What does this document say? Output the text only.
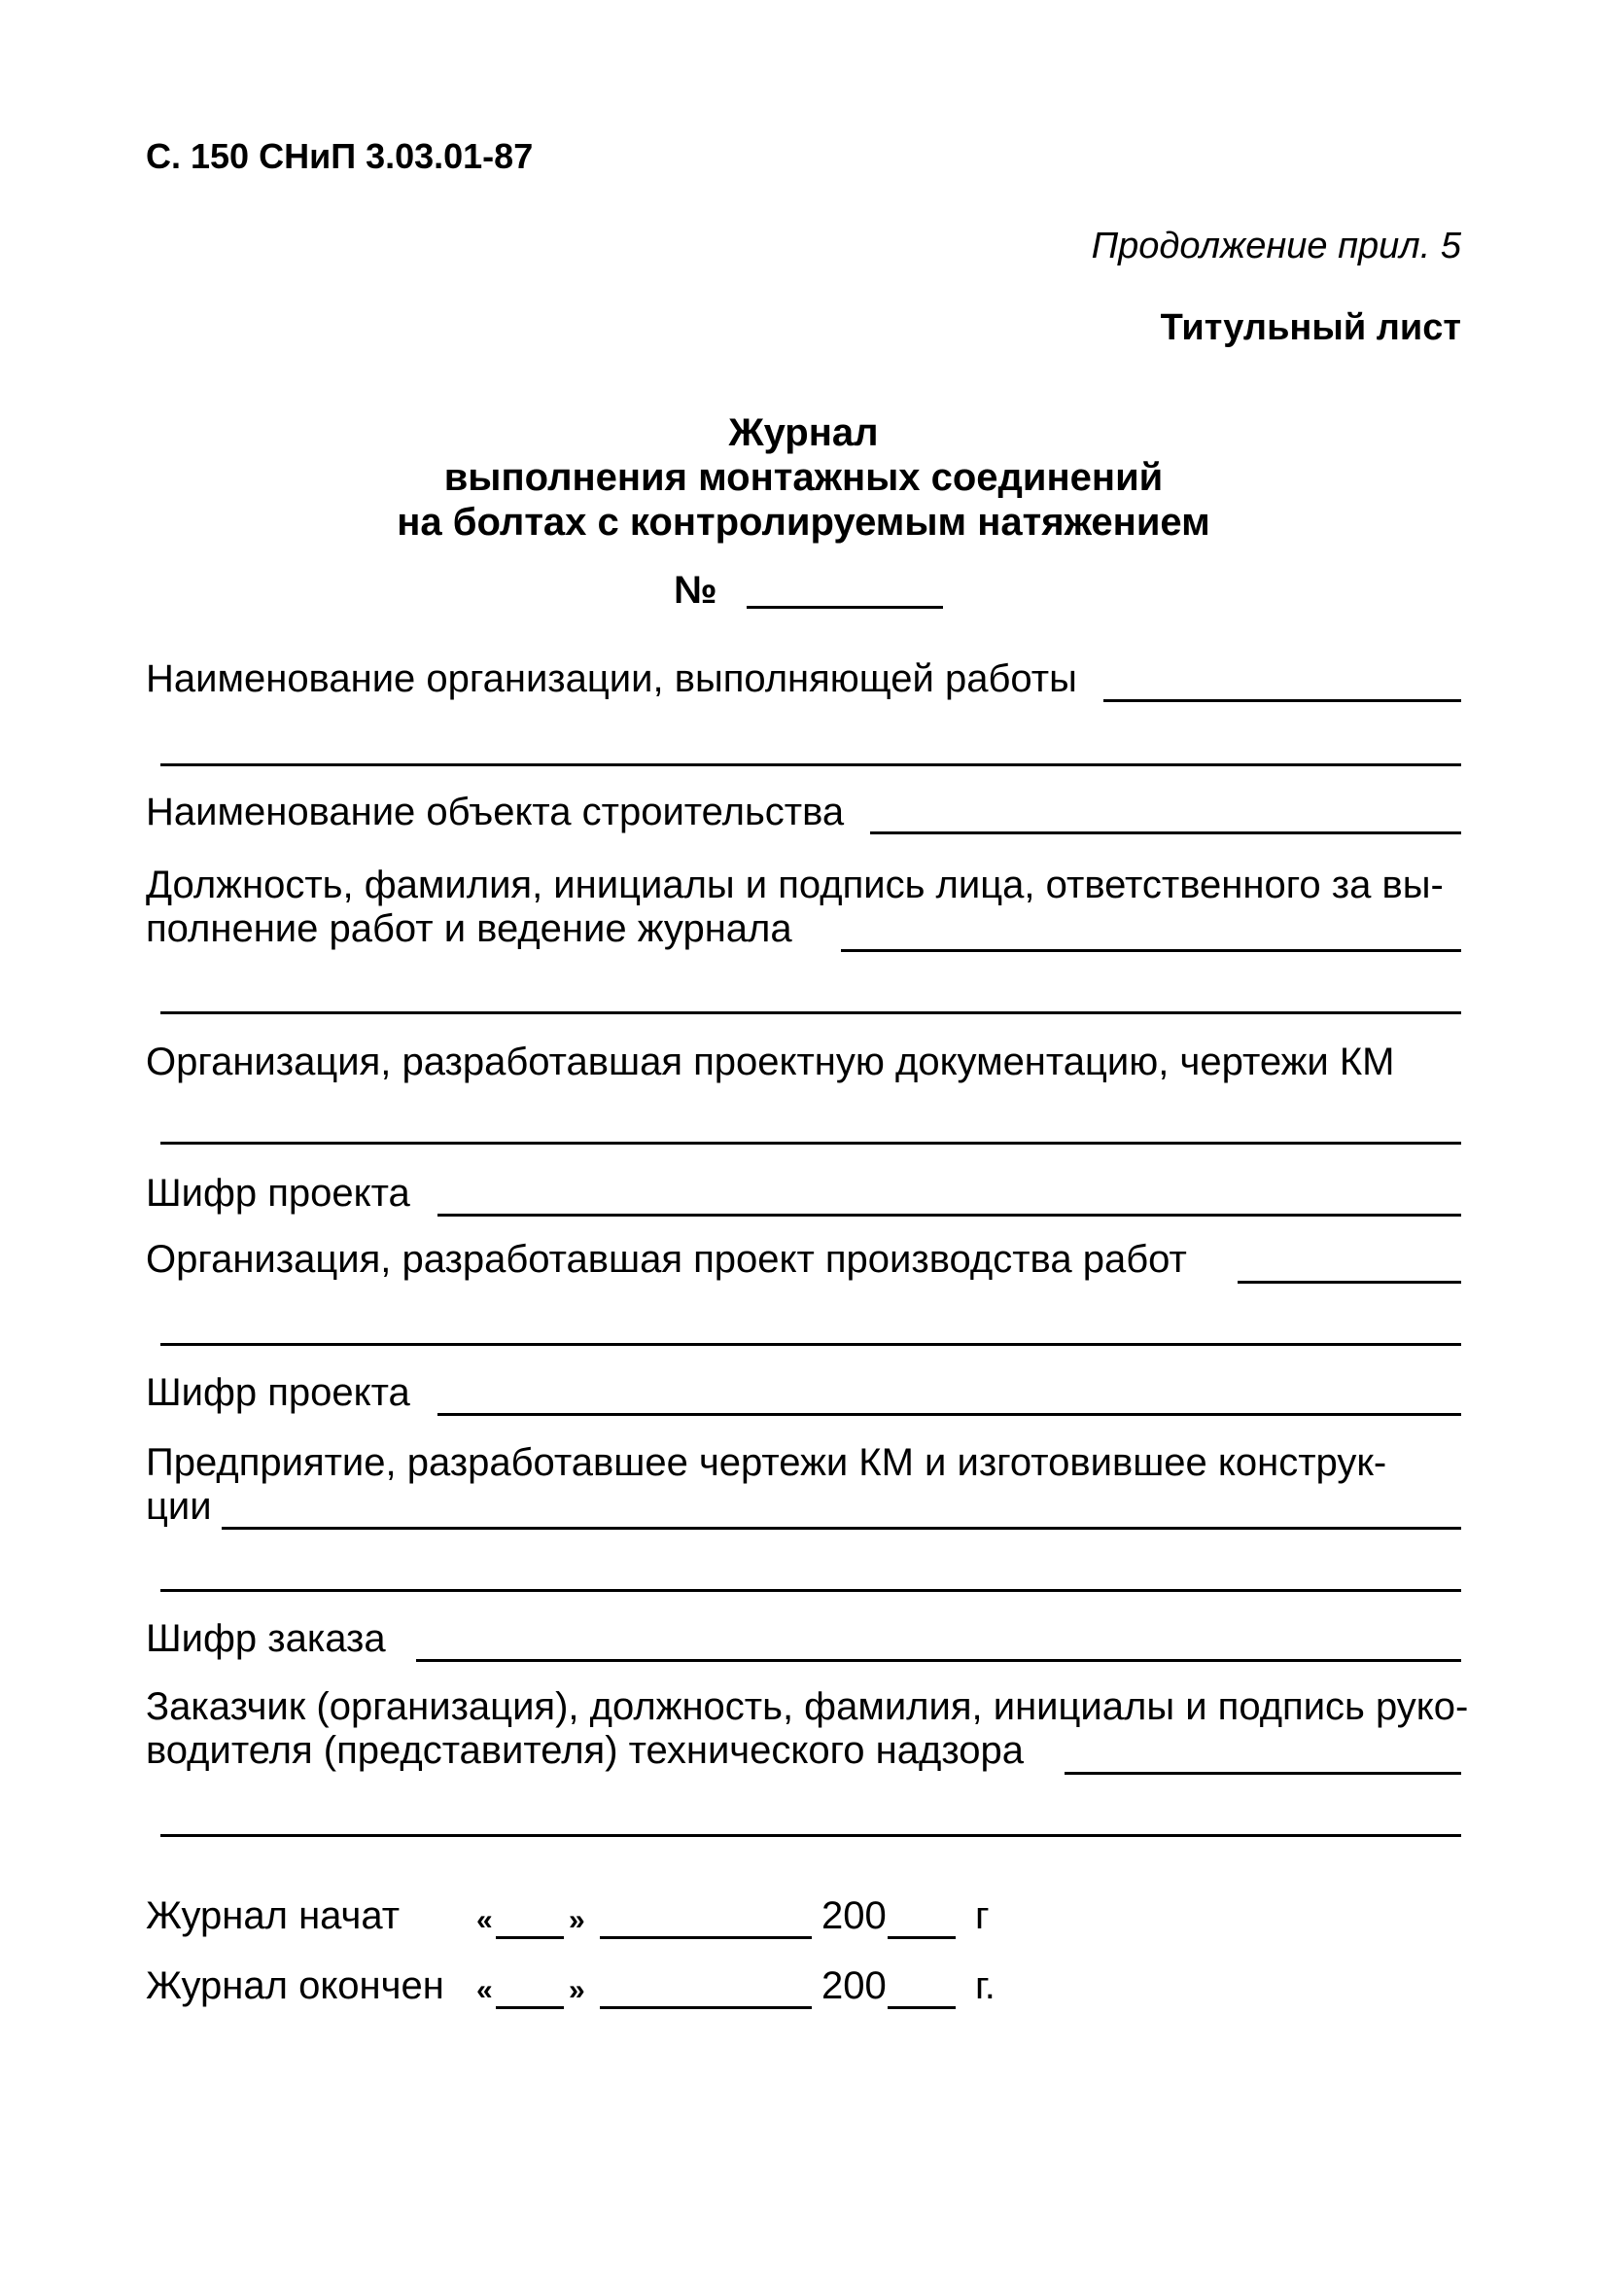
С. 150 СНиП 3.03.01-87
Продолжение прил. 5
Титульный лист
Журнал
выполнения монтажных соединений
на болтах с контролируемым натяжением
№
Наименование организации, выполняющей работы
Наименование объекта строительства
Должность, фамилия, инициалы и подпись лица, ответственного за вы-
полнение работ и ведение журнала
Организация, разработавшая проектную документацию, чертежи КМ
Шифр проекта
Организация, разработавшая проект производства работ
Шифр проекта
Предприятие, разработавшее чертежи КМ и изготовившее конструк-
ции
Шифр заказа
Заказчик (организация), должность, фамилия, инициалы и подпись руко-
водителя (представителя) технического надзора
Журнал начат	«	»	200 г
Журнал окончен «	»	200 г.
